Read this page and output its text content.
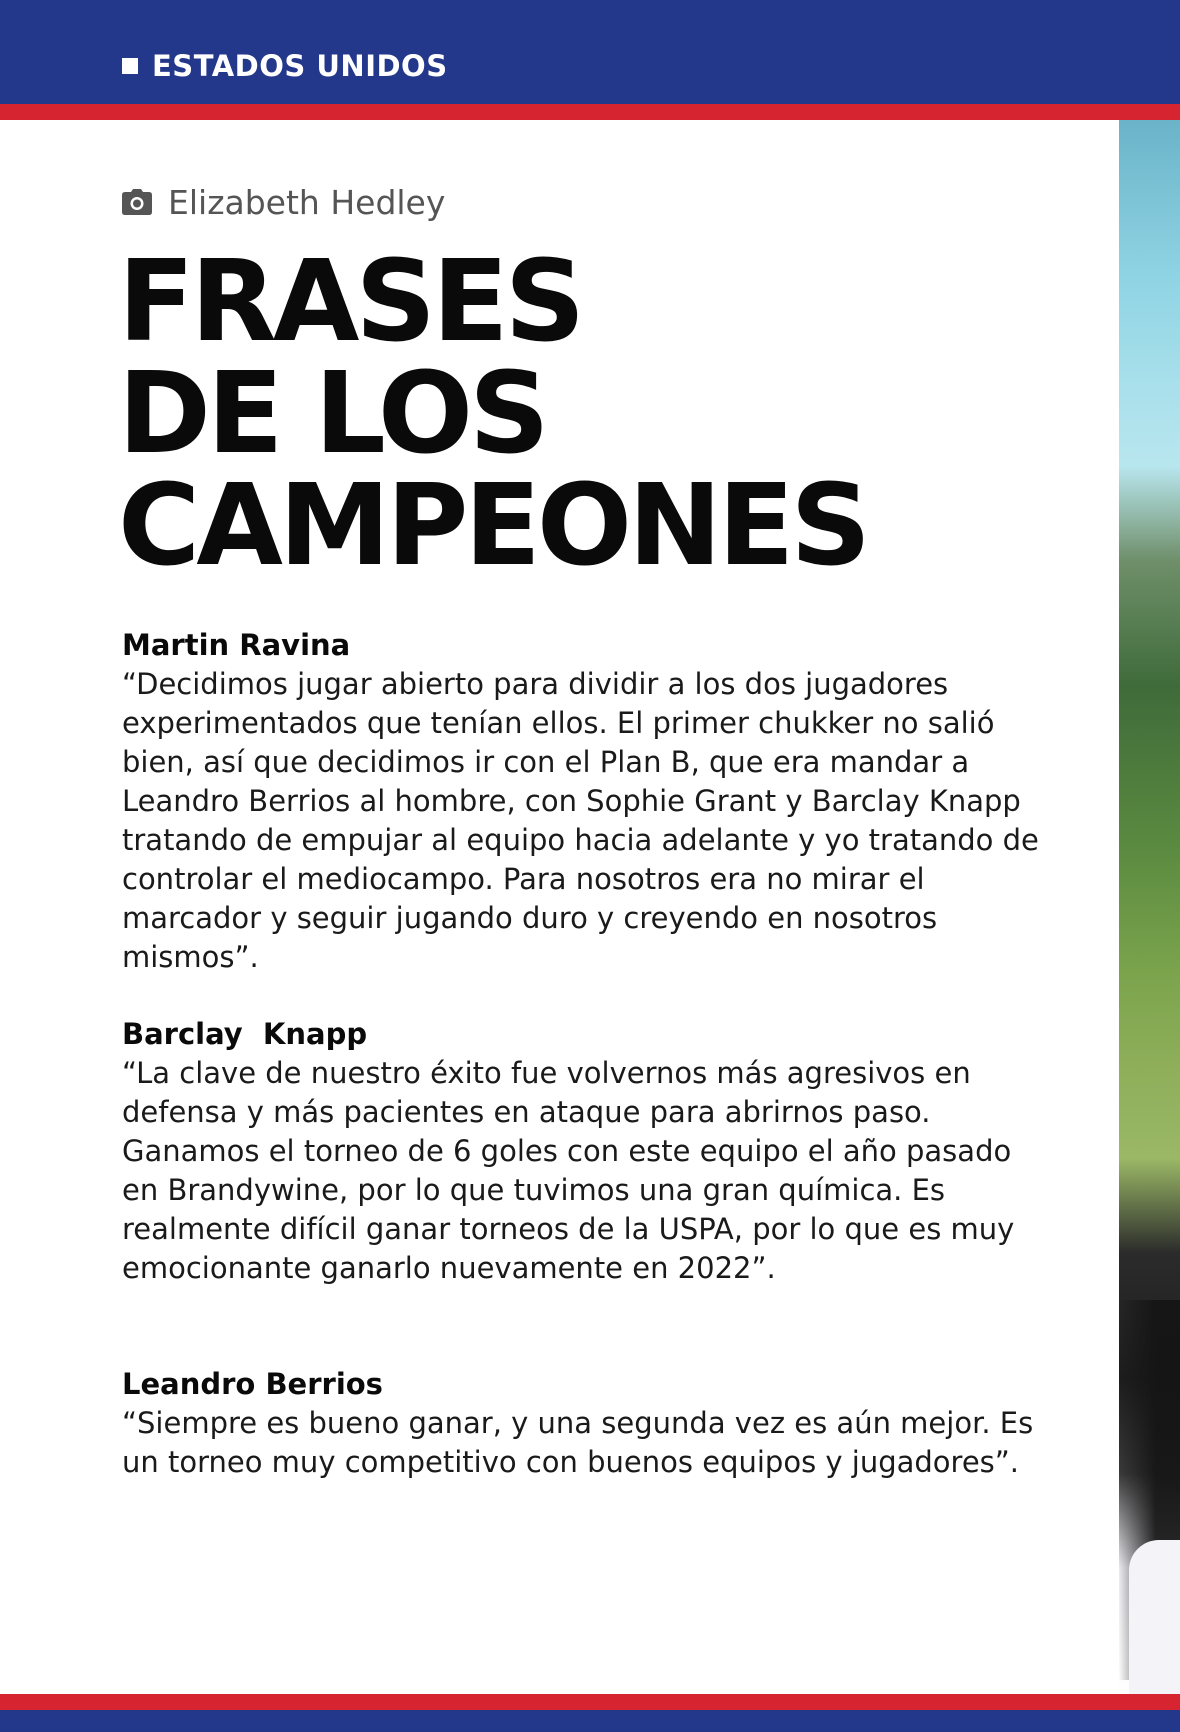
ESTADOS UNIDOS
Elizabeth Hedley
FRASES
DE LOS
CAMPEONES
Martin Ravina
“Decidimos jugar abierto para dividir a los dos jugadores experimentados que tenían ellos. El primer chukker no salió bien, así que decidimos ir con el Plan B, que era mandar a Leandro Berrios al hombre, con Sophie Grant y Barclay Knapp tratando de empujar al equipo hacia adelante y yo tratando de controlar el mediocampo. Para nosotros era no mirar el marcador y seguir jugando duro y creyendo en nosotros mismos”.
Barclay  Knapp
“La clave de nuestro éxito fue volvernos más agresivos en defensa y más pacientes en ataque para abrirnos paso. Ganamos el torneo de 6 goles con este equipo el año pasado en Brandywine, por lo que tuvimos una gran química. Es realmente difícil ganar torneos de la USPA, por lo que es muy emocionante ganarlo nuevamente en 2022”.
Leandro Berrios
“Siempre es bueno ganar, y una segunda vez es aún mejor. Es un torneo muy competitivo con buenos equipos y jugadores”.
